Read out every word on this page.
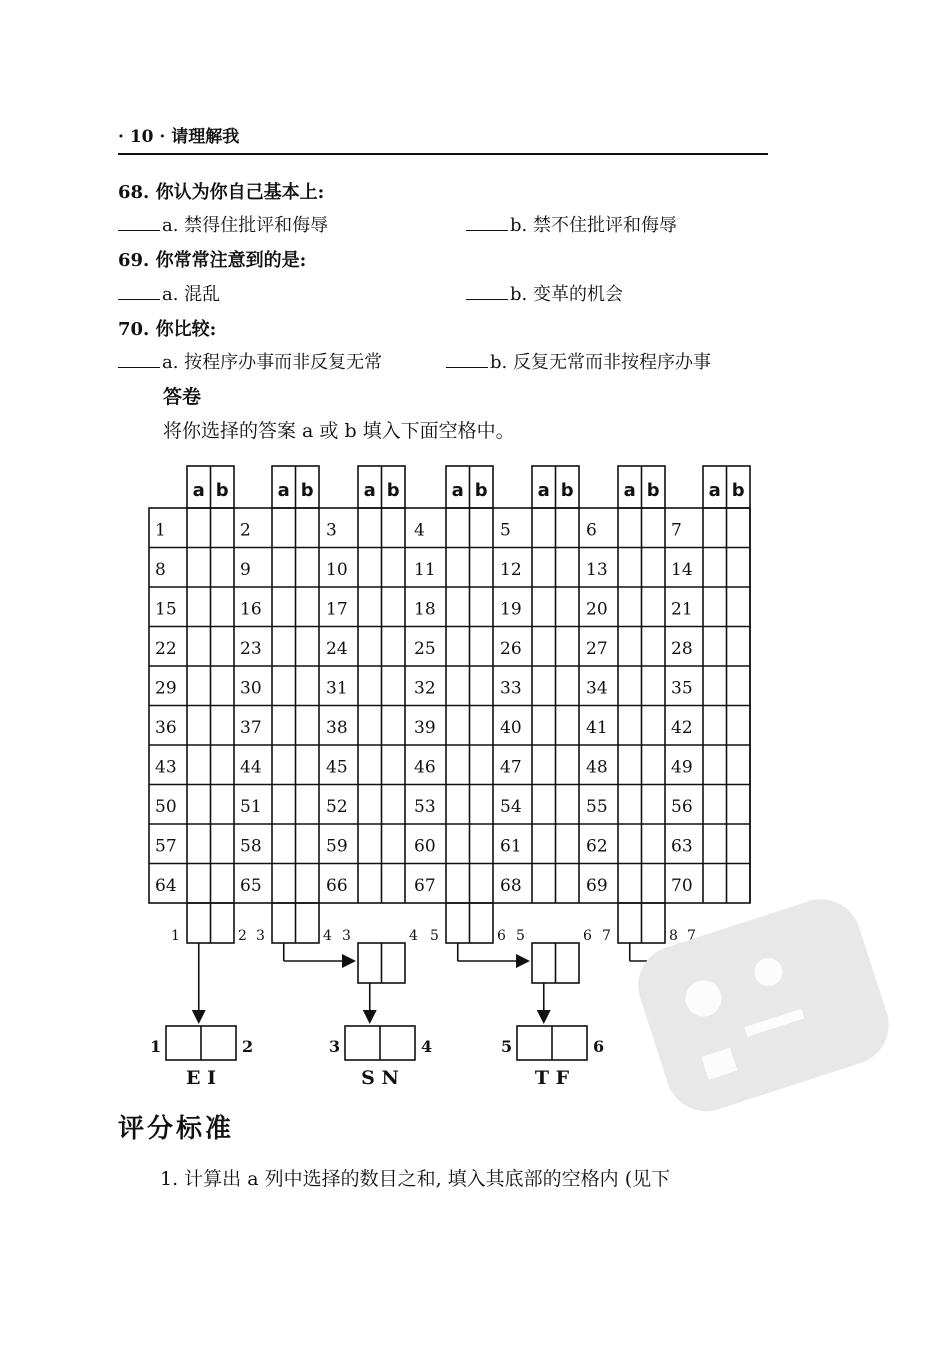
· 10 · 请理解我
68. 你认为你自己基本上:
a. 禁得住批评和侮辱	b. 禁不住批评和侮辱
69. 你常常注意到的是:
a. 混乱	b. 变革的机会
70. 你比较:
a. 按程序办事而非反复无常	b. 反复无常而非按程序办事
答卷
将你选择的答案 a 或 b 填入下面空格中。
a b	a b	a b	a b	a b	a b	a b
1	2	3	4	5	6	7
8	9	10	11	12	13	14
15	16	17	18	19	20	21
22	23	24	25	26	27	28
29	30	31	32	33	34	35
36	37	38	39	40	41	42
43	44	45	46	47	48	49
50	51	52	53	54	55	56
57	58	59	60	61	62	63
64	65	66	67	68	69	70
1	2 3	4 3	4 5	6 5	6 7	8 7
1	2
E I
3	4
S N
5	6
T F
评分标准
1. 计算出 a 列中选择的数目之和, 填入其底部的空格内 (见下
